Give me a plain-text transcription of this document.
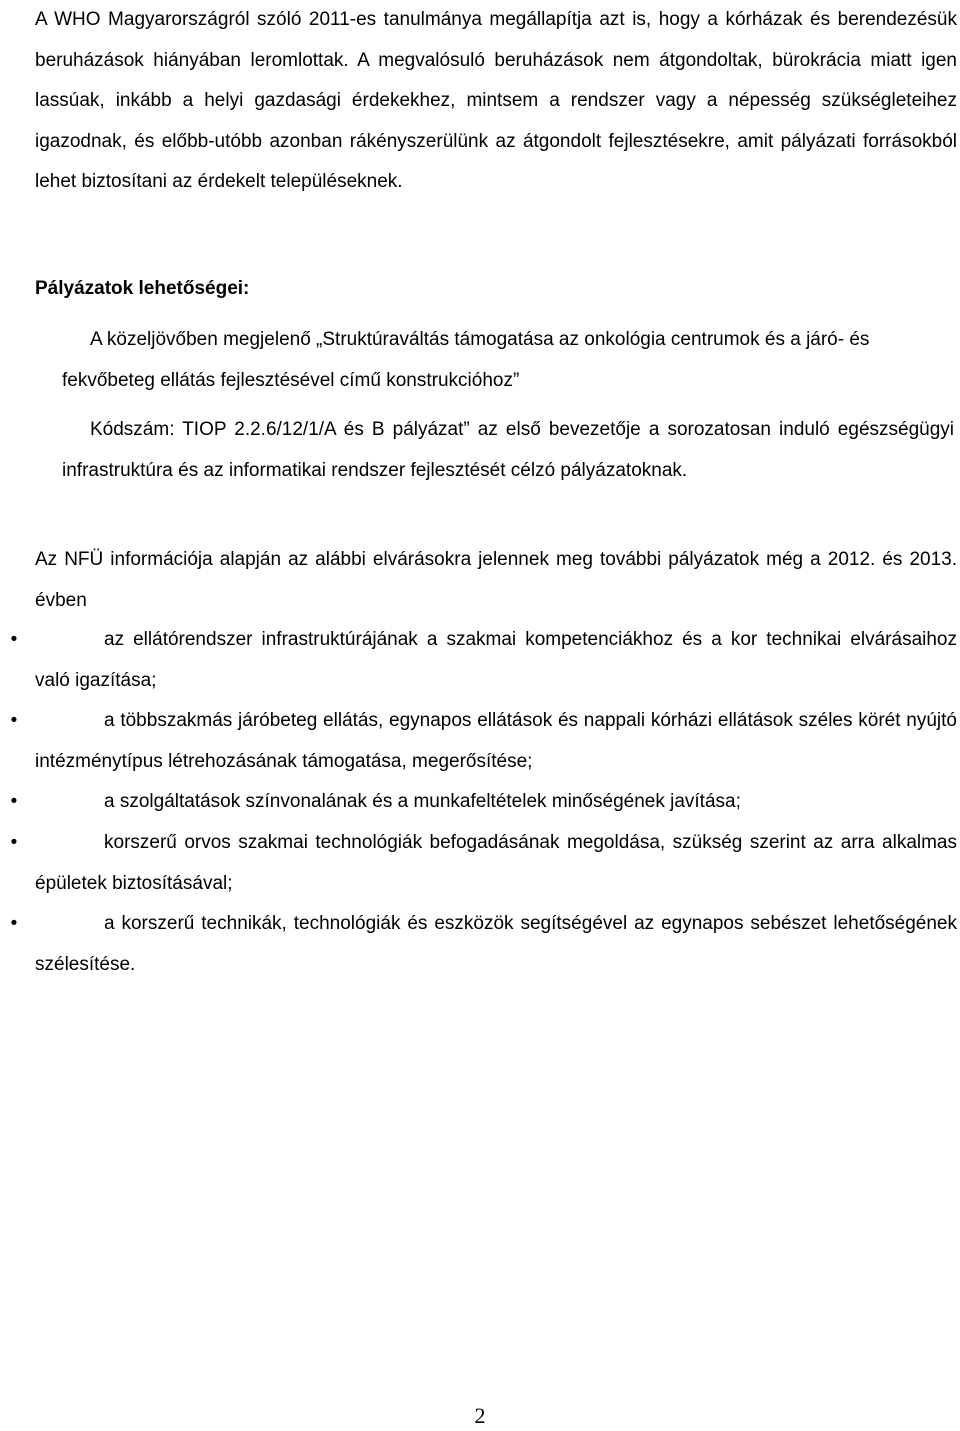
A WHO Magyarországról szóló 2011-es tanulmánya megállapítja azt is, hogy a kórházak és berendezésük beruházások hiányában leromlottak. A megvalósuló beruházások nem átgondoltak, bürokrácia miatt igen lassúak, inkább a helyi gazdasági érdekekhez, mintsem a rendszer vagy a népesség szükségleteihez igazodnak, és előbb-utóbb azonban rákényszerülünk az átgondolt fejlesztésekre, amit pályázati forrásokból lehet biztosítani az érdekelt településeknek.

Pályázatok lehetőségei:

A közeljövőben megjelenő „Struktúraváltás támogatása az onkológia centrumok és a járó- és fekvőbeteg ellátás fejlesztésével című konstrukcióhoz”

Kódszám: TIOP 2.2.6/12/1/A és B pályázat” az első bevezetője a sorozatosan induló egészségügyi infrastruktúra és az informatikai rendszer fejlesztését célzó pályázatoknak.

Az NFÜ információja alapján az alábbi elvárásokra jelennek meg további pályázatok még a 2012. és 2013. évben

•	az ellátórendszer infrastruktúrájának a szakmai kompetenciákhoz és a kor technikai elvárásaihoz való igazítása;

•	a többszakmás járóbeteg ellátás, egynapos ellátások és nappali kórházi ellátások széles körét nyújtó intézménytípus létrehozásának támogatása, megerősítése;

•	a szolgáltatások színvonalának és a munkafeltételek minőségének javítása;

•	korszerű orvos szakmai technológiák befogadásának megoldása, szükség szerint az arra alkalmas épületek biztosításával;

•	a korszerű technikák, technológiák és eszközök segítségével az egynapos sebészet lehetőségének szélesítése.

2
